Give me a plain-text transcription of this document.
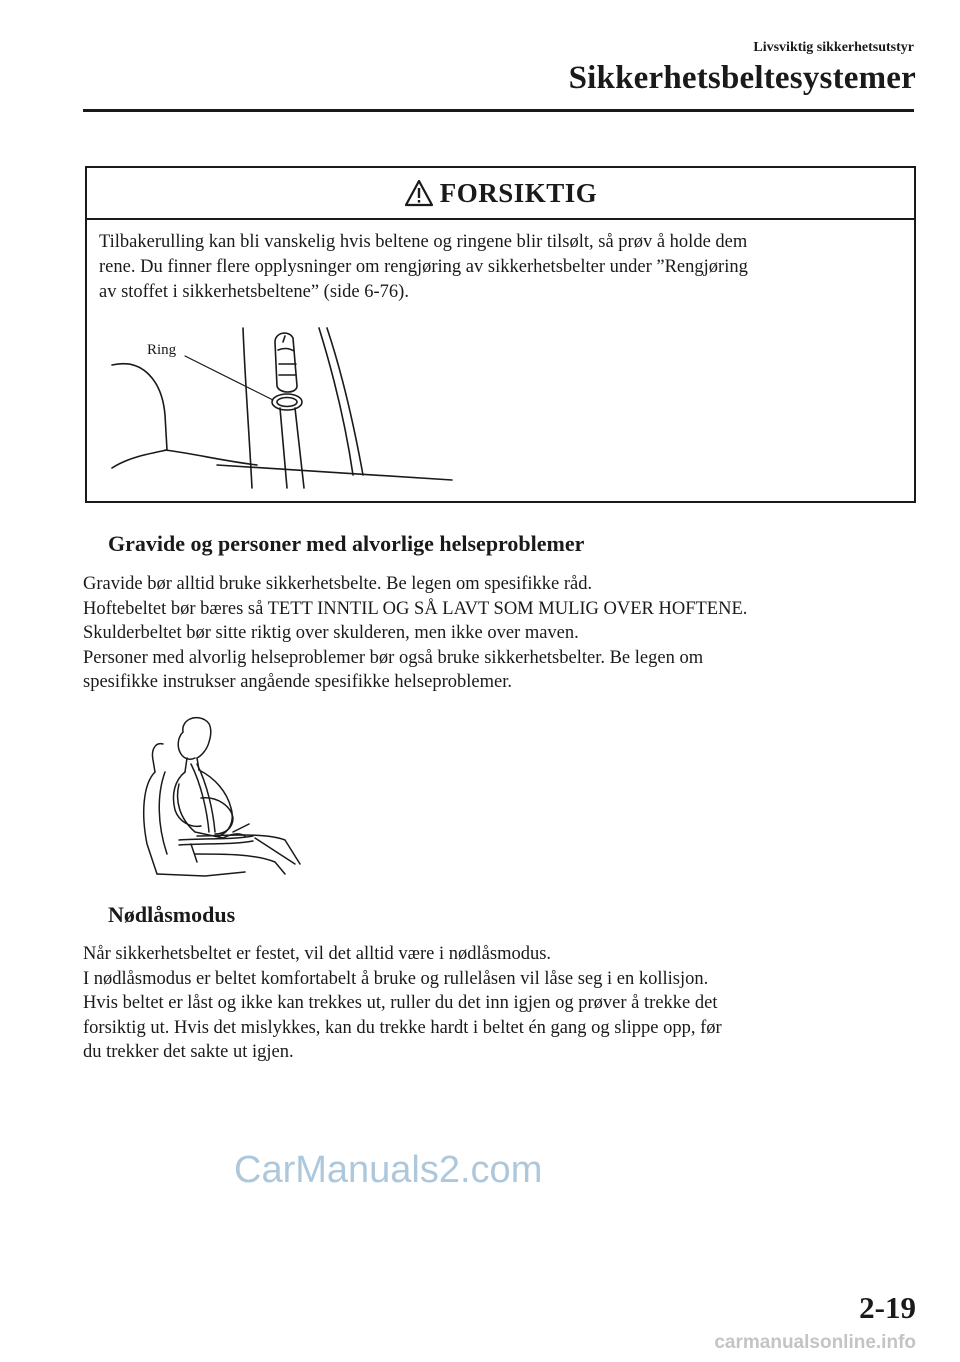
Livsviktig sikkerhetsutstyr
Sikkerhetsbeltesystemer
FORSIKTIG
Tilbakerulling kan bli vanskelig hvis beltene og ringene blir tilsølt, så prøv å holde dem
rene. Du finner flere opplysninger om rengjøring av sikkerhetsbelter under ”Rengjøring
av stoffet i sikkerhetsbeltene” (side 6-76).
Ring
Gravide og personer med alvorlige helseproblemer

Gravide bør alltid bruke sikkerhetsbelte. Be legen om spesifikke råd.

Hoftebeltet bør bæres så TETT INNTIL OG SÅ LAVT SOM MULIG OVER HOFTENE.

Skulderbeltet bør sitte riktig over skulderen, men ikke over maven.

Personer med alvorlig helseproblemer bør også bruke sikkerhetsbelter. Be legen om

spesifikke instrukser angående spesifikke helseproblemer.

Nødlåsmodus

Når sikkerhetsbeltet er festet, vil det alltid være i nødlåsmodus.

I nødlåsmodus er beltet komfortabelt å bruke og rullelåsen vil låse seg i en kollisjon.

Hvis beltet er låst og ikke kan trekkes ut, ruller du det inn igjen og prøver å trekke det

forsiktig ut. Hvis det mislykkes, kan du trekke hardt i beltet én gang og slippe opp, før

du trekker det sakte ut igjen.

CarManuals2.com
2-19
carmanualsonline.info
